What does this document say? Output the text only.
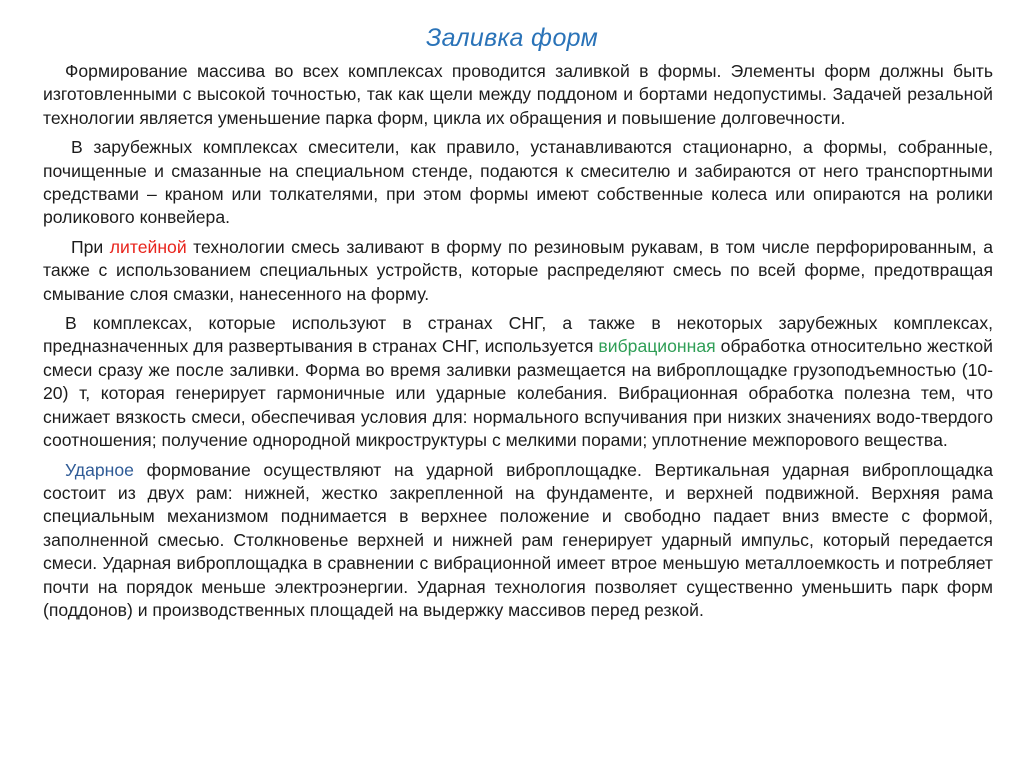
Заливка форм

Формирование массива во всех комплексах проводится заливкой в формы. Элементы форм должны быть изготовленными с высокой точностью, так как щели между поддоном и бортами недопустимы. Задачей резальной технологии является уменьшение парка форм, цикла их обращения и повышение долговечности.

В зарубежных комплексах смесители, как правило, устанавливаются стационарно, а формы, собранные, почищенные и смазанные на специальном стенде, подаются к смесителю и забираются от него транспортными средствами – краном или толкателями, при этом формы имеют собственные колеса или опираются на ролики роликового конвейера.

При литейной технологии смесь заливают в форму по резиновым рукавам, в том числе перфорированным, а также с использованием специальных устройств, которые распределяют смесь по всей форме, предотвращая смывание слоя смазки, нанесенного на форму.

В комплексах, которые используют в странах СНГ, а также в некоторых зарубежных комплексах, предназначенных для развертывания в странах СНГ, используется вибрационная обработка относительно жесткой смеси сразу же после заливки. Форма во время заливки размещается на виброплощадке грузоподъемностью (10-20) т, которая генерирует гармоничные или ударные колебания. Вибрационная обработка полезна тем, что снижает вязкость смеси, обеспечивая условия для: нормального вспучивания при низких значениях водо-твердого соотношения; получение однородной микроструктуры с мелкими порами; уплотнение межпорового вещества.

Ударное формование осуществляют на ударной виброплощадке. Вертикальная ударная виброплощадка состоит из двух рам: нижней, жестко закрепленной на фундаменте, и верхней подвижной. Верхняя рама специальным механизмом поднимается в верхнее положение и свободно падает вниз вместе с формой, заполненной смесью. Столкновенье верхней и нижней рам генерирует ударный импульс, который передается смеси. Ударная виброплощадка в сравнении с вибрационной имеет втрое меньшую металлоемкость и потребляет почти на порядок меньше электроэнергии. Ударная технология позволяет существенно уменьшить парк форм (поддонов) и производственных площадей на выдержку массивов перед резкой.
